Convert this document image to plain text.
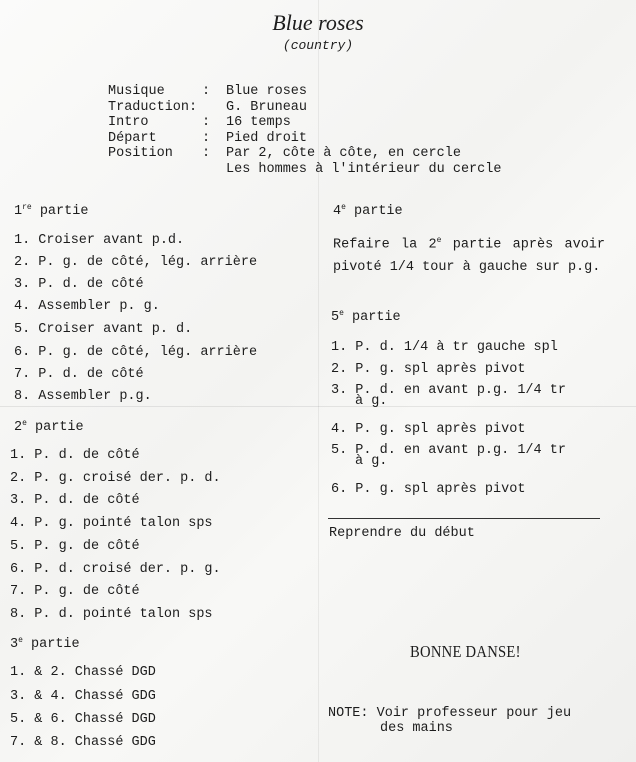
Blue roses
(country)
Musique	:	Blue roses
Traduction:	G. Bruneau
Intro	:	16 temps
Départ	:	Pied droit
Position	:	Par 2, côte à côte, en cercle
Les hommes à l'intérieur du cercle
1re partie
1. Croiser avant p.d.
2. P. g. de côté, lég. arrière
3. P. d. de côté
4. Assembler p. g.
5. Croiser avant p. d.
6. P. g. de côté, lég. arrière
7. P. d. de côté
8. Assembler p.g.
2e partie
1. P. d. de côté
2. P. g. croisé der. p. d.
3. P. d. de côté
4. P. g. pointé talon sps
5. P. g. de côté
6. P. d. croisé der. p. g.
7. P. g. de côté
8. P. d. pointé talon sps
3e partie
1. & 2. Chassé DGD
3. & 4. Chassé GDG
5. & 6. Chassé DGD
7. & 8. Chassé GDG
4e partie
Refaire la 2e partie après avoir pivoté 1/4 tour à gauche sur p.g.
5e partie
1. P. d. 1/4 à tr gauche spl
2. P. g. spl après pivot
3. P. d. en avant p.g. 1/4 tr
à g.
4. P. g. spl après pivot
5. P. d. en avant p.g. 1/4 tr
à g.
6. P. g. spl après pivot
Reprendre du début
BONNE DANSE!
NOTE: Voir professeur pour jeu
des mains
